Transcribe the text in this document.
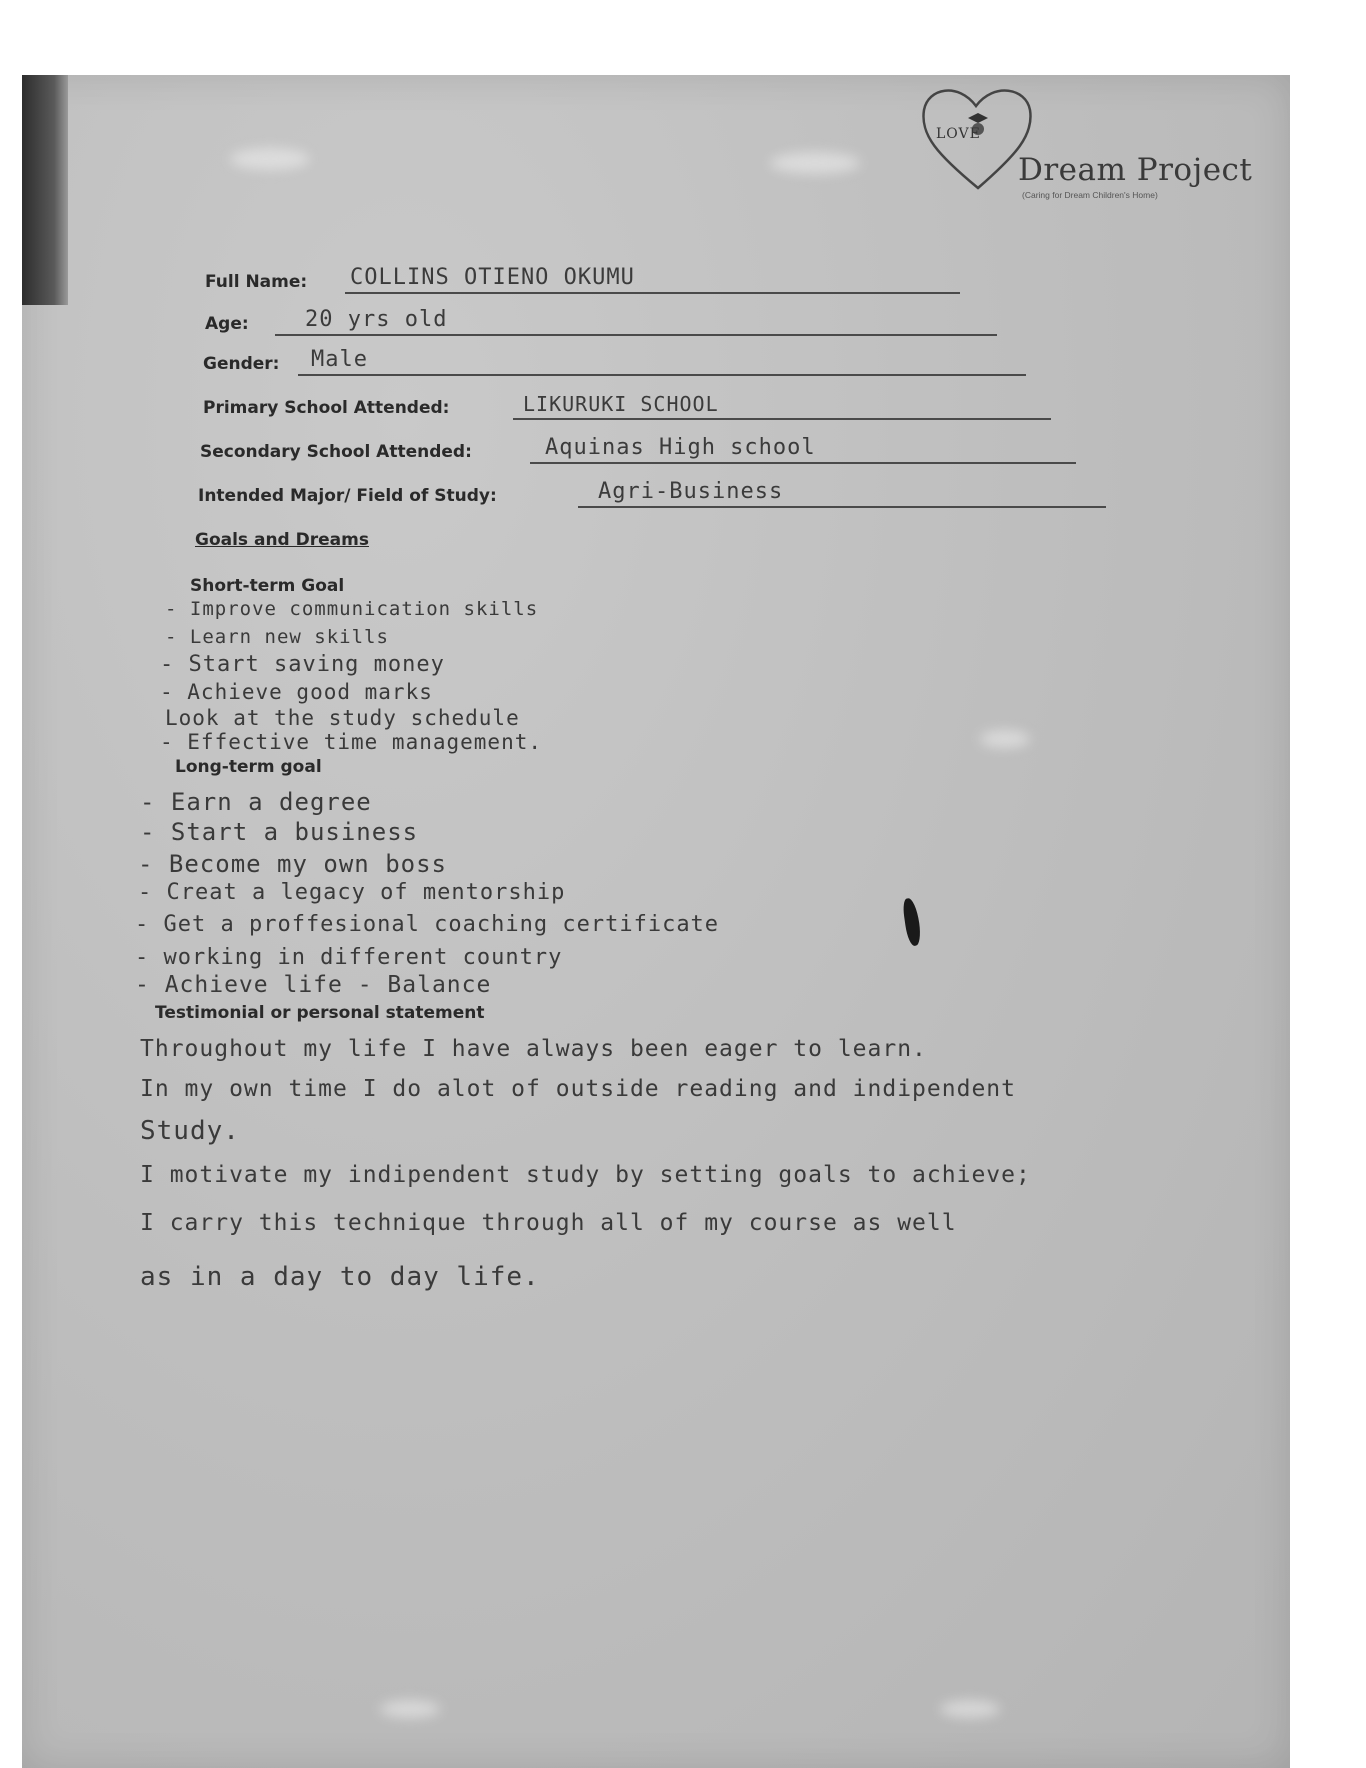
LOVE
Dream Project
(Caring for Dream Children's Home)
Full Name: COLLINS OTIENO OKUMU
Age:	20 yrs old
Gender: Male
Primary School Attended:	LIKURUKI SCHOOL
Secondary School Attended:	Aquinas High school
Intended Major/ Field of Study:	Agri-Business
Goals and Dreams
Short-term Goal
- Improve communication skills
- Learn new skills
- Start saving money
- Achieve good marks
Look at the study schedule
- Effective time management.
Long-term goal
- Earn a degree
- Start a business
- Become my own boss
- Creat a legacy of mentorship
- Get a proffesional coaching certificate
- working in different country
- Achieve life - Balance
Testimonial or personal statement
Throughout my life I have always been eager to learn.
In my own time I do alot of outside reading and indipendent
Study.
I motivate my indipendent study by setting goals to achieve;
I carry this technique through all of my course as well
as in a day to day life.
